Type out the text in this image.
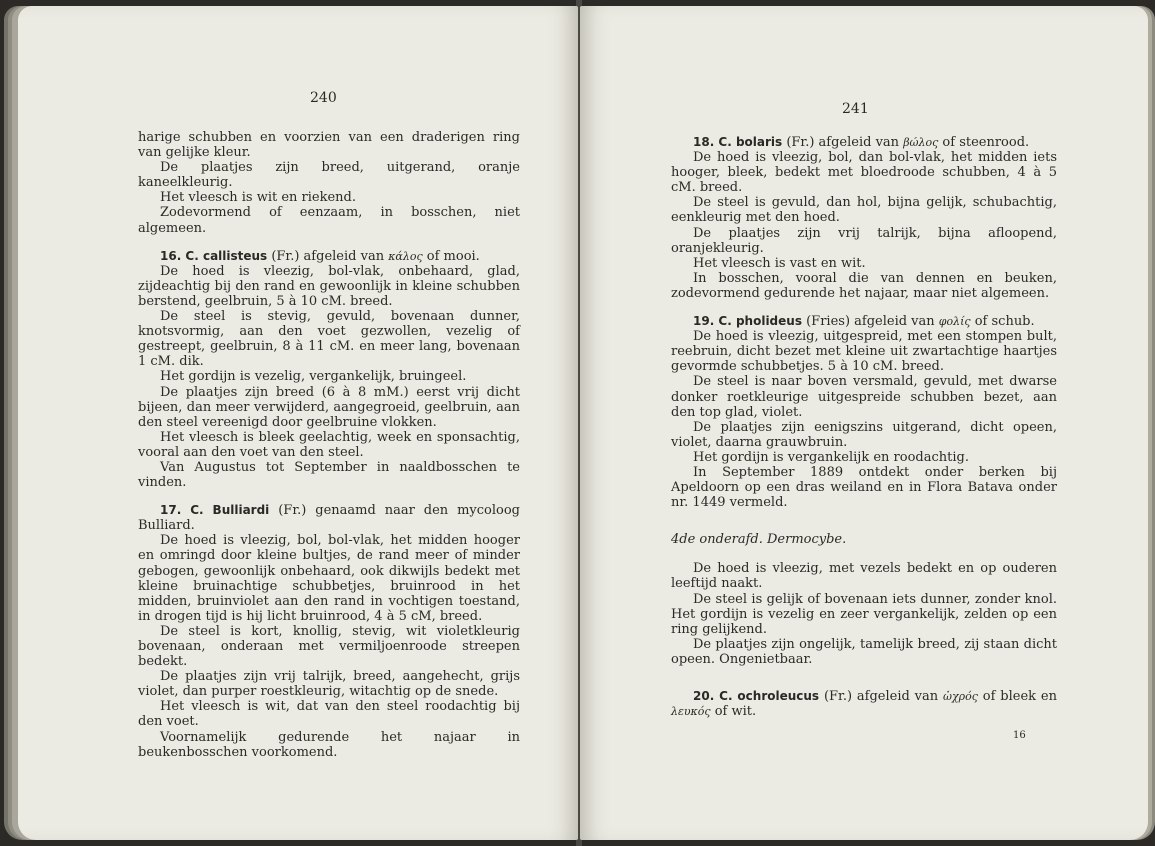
240

harige schubben en voorzien van een draderigen ring van gelijke kleur.

De plaatjes zijn breed, uitgerand, oranje kaneelkleurig.

Het vleesch is wit en riekend.

Zodevormend of eenzaam, in bosschen, niet algemeen.

16. C. callisteus (Fr.) afgeleid van κάλος of mooi.

De hoed is vleezig, bol-vlak, onbehaard, glad, zijdeachtig bij den rand en gewoonlijk in kleine schubben berstend, geelbruin, 5 à 10 cM. breed.

De steel is stevig, gevuld, bovenaan dunner, knotsvormig, aan den voet gezwollen, vezelig of gestreept, geelbruin, 8 à 11 cM. en meer lang, bovenaan 1 cM. dik.

Het gordijn is vezelig, vergankelijk, bruingeel.

De plaatjes zijn breed (6 à 8 mM.) eerst vrij dicht bijeen, dan meer verwijderd, aangegroeid, geelbruin, aan den steel vereenigd door geelbruine vlokken.

Het vleesch is bleek geelachtig, week en sponsachtig, vooral aan den voet van den steel.

Van Augustus tot September in naaldbosschen te vinden.

17. C. Bulliardi (Fr.) genaamd naar den mycoloog Bulliard.

De hoed is vleezig, bol, bol-vlak, het midden hooger en omringd door kleine bultjes, de rand meer of minder gebogen, gewoonlijk onbehaard, ook dikwijls bedekt met kleine bruinachtige schubbetjes, bruinrood in het midden, bruinviolet aan den rand in vochtigen toestand, in drogen tijd is hij licht bruinrood, 4 à 5 cM, breed.

De steel is kort, knollig, stevig, wit violetkleurig bovenaan, onderaan met vermiljoenroode streepen bedekt.

De plaatjes zijn vrij talrijk, breed, aangehecht, grijs violet, dan purper roestkleurig, witachtig op de snede.

Het vleesch is wit, dat van den steel roodachtig bij den voet.

Voornamelijk gedurende het najaar in beukenbosschen voorkomend.

241

18. C. bolaris (Fr.) afgeleid van βώλος of steenrood.

De hoed is vleezig, bol, dan bol-vlak, het midden iets hooger, bleek, bedekt met bloedroode schubben, 4 à 5 cM. breed.

De steel is gevuld, dan hol, bijna gelijk, schubachtig, eenkleurig met den hoed.

De plaatjes zijn vrij talrijk, bijna afloopend, oranjekleurig.

Het vleesch is vast en wit.

In bosschen, vooral die van dennen en beuken, zodevormend gedurende het najaar, maar niet algemeen.

19. C. pholideus (Fries) afgeleid van φολίς of schub.

De hoed is vleezig, uitgespreid, met een stompen bult, reebruin, dicht bezet met kleine uit zwartachtige haartjes gevormde schubbetjes. 5 à 10 cM. breed.

De steel is naar boven versmald, gevuld, met dwarse donker roetkleurige uitgespreide schubben bezet, aan den top glad, violet.

De plaatjes zijn eenigszins uitgerand, dicht opeen, violet, daarna grauwbruin.

Het gordijn is vergankelijk en roodachtig.

In September 1889 ontdekt onder berken bij Apeldoorn op een dras weiland en in Flora Batava onder nr. 1449 vermeld.

4de onderafd. Dermocybe.

De hoed is vleezig, met vezels bedekt en op ouderen leeftijd naakt.

De steel is gelijk of bovenaan iets dunner, zonder knol. Het gordijn is vezelig en zeer vergankelijk, zelden op een ring gelijkend.

De plaatjes zijn ongelijk, tamelijk breed, zij staan dicht opeen. Ongenietbaar.

20. C. ochroleucus (Fr.) afgeleid van ὠχρός of bleek en λευκός of wit.

16
